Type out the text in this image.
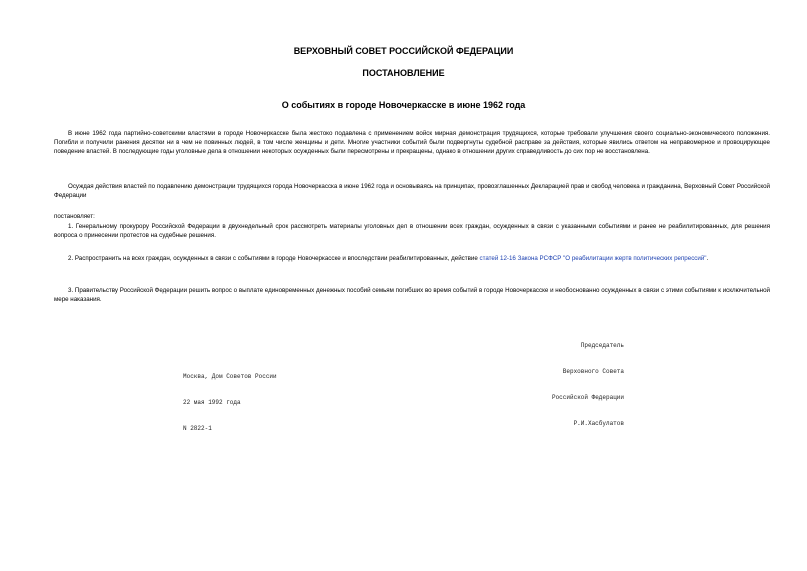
ВЕРХОВНЫЙ СОВЕТ РОССИЙСКОЙ ФЕДЕРАЦИИ
ПОСТАНОВЛЕНИЕ
О событиях в городе Новочеркасске в июне 1962 года

В июне 1962 года партийно-советскими властями в городе Новочеркасске была жестоко подавлена с применением войск мирная демонстрация трудящихся, которые требовали улучшения своего социально-экономического положения. Погибли и получили ранения десятки ни в чем не повинных людей, в том числе женщины и дети. Многие участники событий были подвергнуты судебной расправе за действия, которые явились ответом на неправомерное и провоцирующее поведение властей. В последующие годы уголовные дела в отношении некоторых осужденных были пересмотрены и прекращены, однако в отношении других справедливость до сих пор не восстановлена.

Осуждая действия властей по подавлению демонстрации трудящихся города Новочеркасска в июне 1962 года и основываясь на принципах, провозглашенных Декларацией прав и свобод человека и гражданина, Верховный Совет Российской Федерации

постановляет:

1. Генеральному прокурору Российской Федерации в двухнедельный срок рассмотреть материалы уголовных дел в отношении всех граждан, осужденных в связи с указанными событиями и ранее не реабилитированных, для решения вопроса о принесении протестов на судебные решения.

2. Распространить на всех граждан, осужденных в связи с событиями в городе Новочеркасске и впоследствии реабилитированных, действие статей 12-16 Закона РСФСР "О реабилитации жертв политических репрессий".

3. Правительству Российской Федерации решить вопрос о выплате единовременных денежных пособий семьям погибших во время событий в городе Новочеркасске и необоснованно осужденных в связи с этими событиями к исключительной мере наказания.

Председатель

Верховного Совета

Российской Федерации

Р.И.Хасбулатов

Москва, Дом Советов России

22 мая 1992 года

N 2822-1
